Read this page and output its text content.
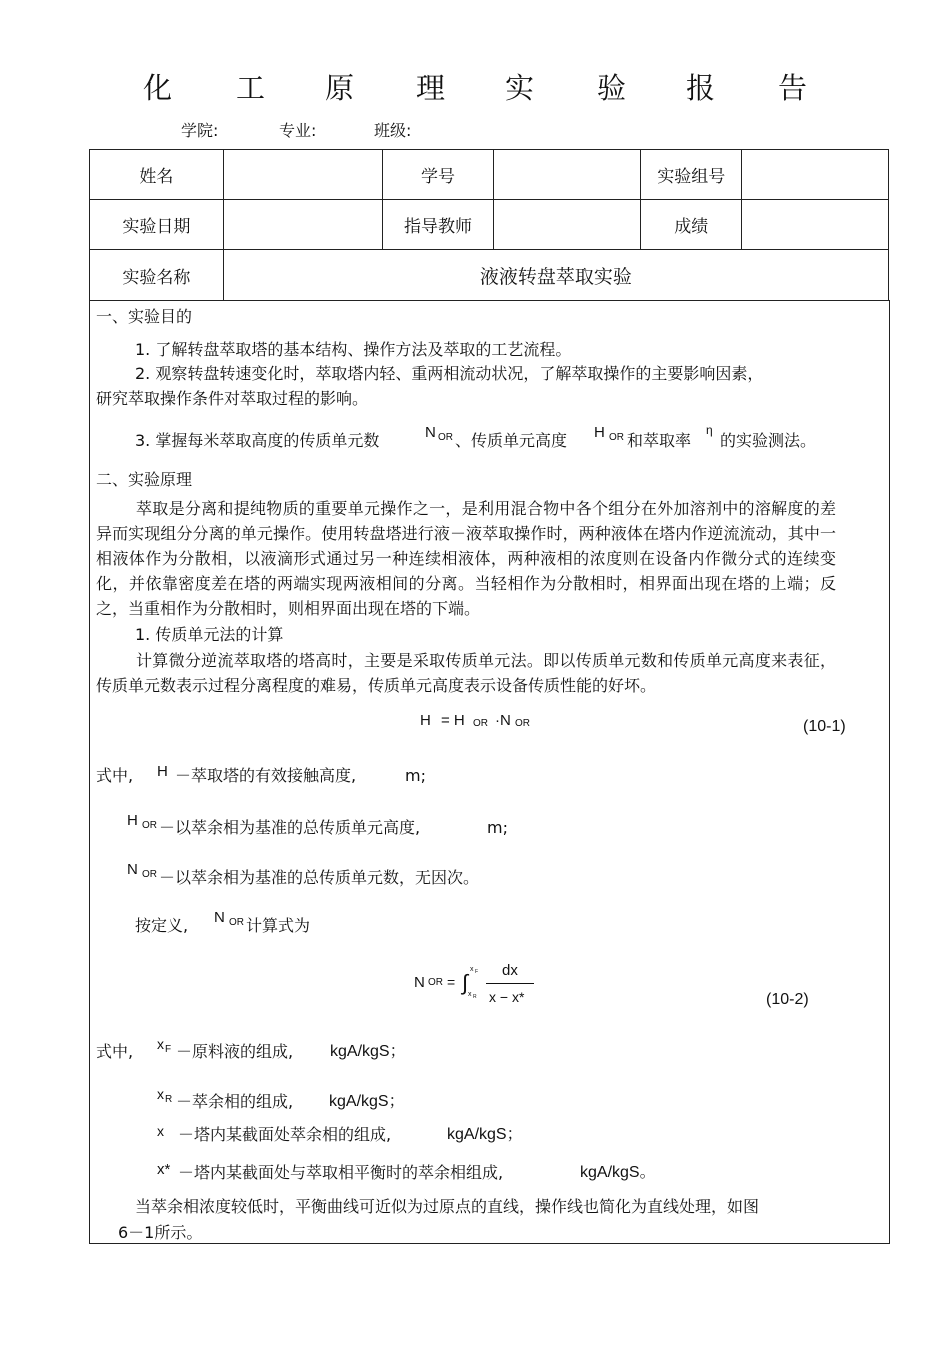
化 工 原 理 实 验 报 告
学院:	专业:	班级:
姓名		学号		实验组号	
实验日期		指导教师		成绩	
实验名称	液液转盘萃取实验				
一、实验目的
1. 了解转盘萃取塔的基本结构、操作方法及萃取的工艺流程。
2. 观察转盘转速变化时，萃取塔内轻、重两相流动状况，了解萃取操作的主要影响因素，
研究萃取操作条件对萃取过程的影响。
3. 掌握每米萃取高度的传质单元数	N OR 、传质单元高度 H OR 和萃取率
η
的实验测法。
二、实验原理
萃取是分离和提纯物质的重要单元操作之一，是利用混合物中各个组分在外加溶剂中的溶解度的差异而实现组分分离的单元操作。使用转盘塔进行液－液萃取操作时，两种液体在塔内作逆流流动，其中一相液体作为分散相，以液滴形式通过另一种连续相液体，两种液相的浓度则在设备内作微分式的连续变化，并依靠密度差在塔的两端实现两液相间的分离。当轻相作为分散相时，相界面出现在塔的上端；反之，当重相作为分散相时，则相界面出现在塔的下端。
1. 传质单元法的计算
计算微分逆流萃取塔的塔高时，主要是采取传质单元法。即以传质单元数和传质单元高度来表征，传质单元数表示过程分离程度的难易，传质单元高度表示设备传质性能的好坏。
H = H OR ·N OR	(10-1)
式中, H －萃取塔的有效接触高度,	m;
H OR －以萃余相为基准的总传质单元高度,	m;
N OR －以萃余相为基准的总传质单元数，无因次。
按定义, N OR 计算式为
N OR = ∫
x F
x R
dx
x − x*	(10-2)
式中, x F －原料液的组成, kgA/kgS；
x R －萃余相的组成, kgA/kgS；
x －塔内某截面处萃余相的组成,	kgA/kgS；
x* －塔内某截面处与萃取相平衡时的萃余相组成,	kgA/kgS。
当萃余相浓度较低时，平衡曲线可近似为过原点的直线，操作线也简化为直线处理，如图
6－1所示。
